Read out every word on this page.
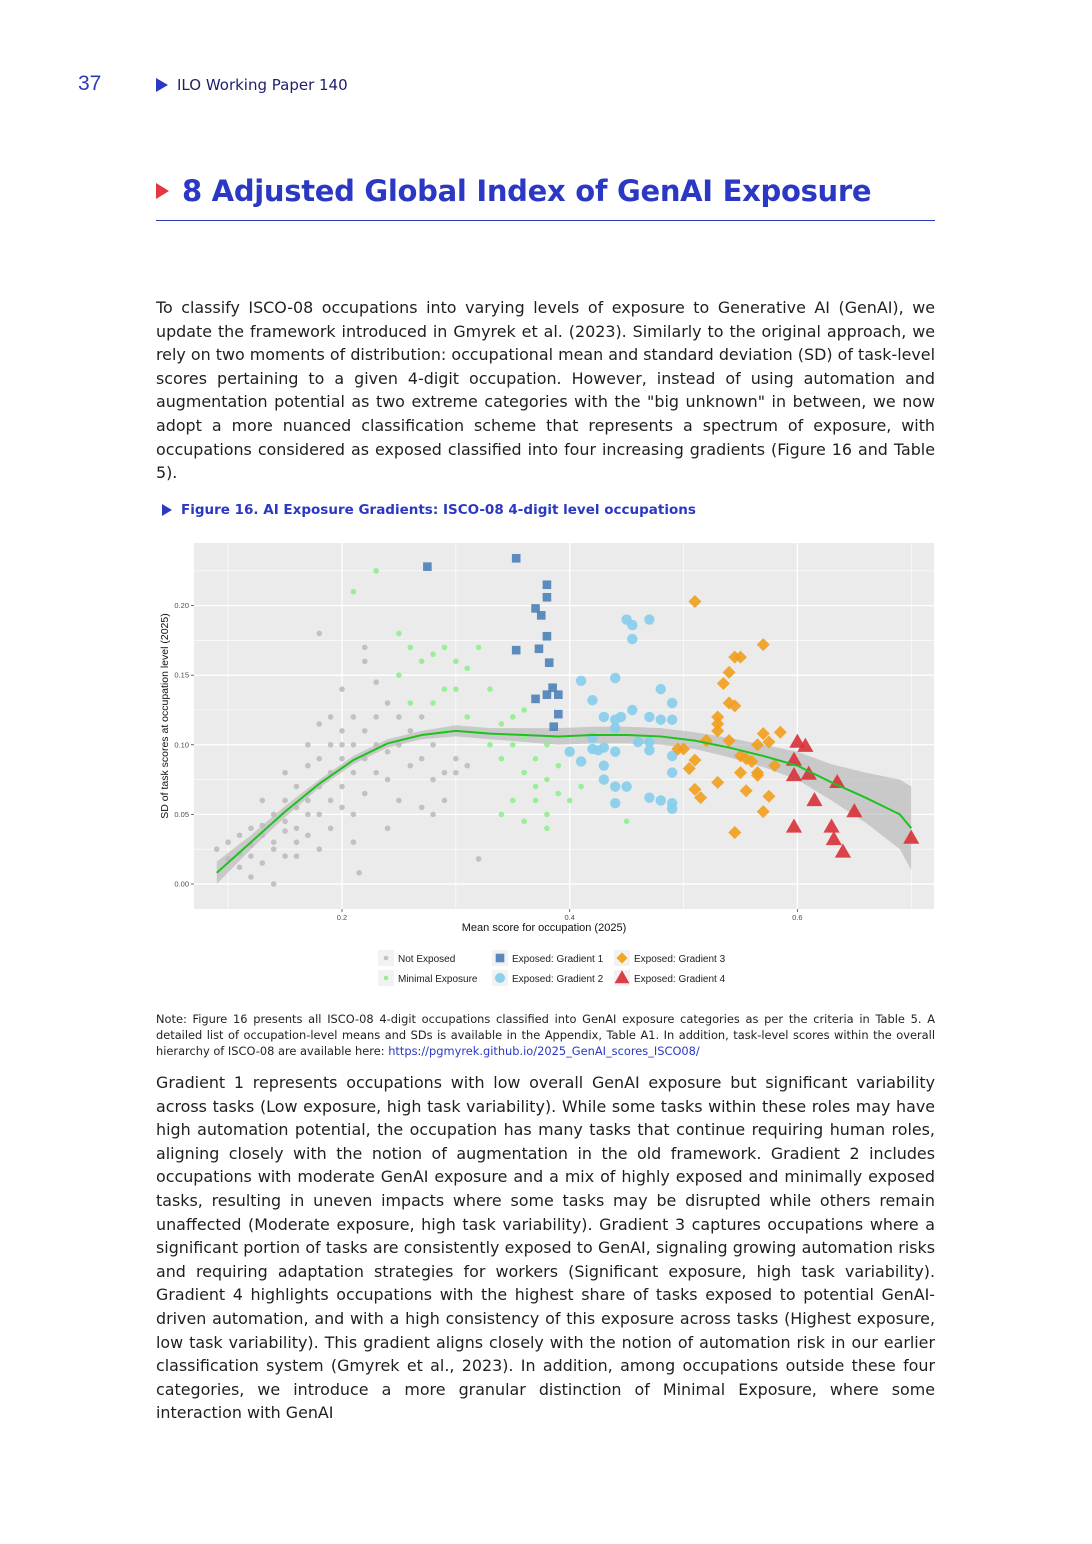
37	ILO Working Paper 140
8 Adjusted Global Index of GenAI Exposure

To classify ISCO-08 occupations into varying levels of exposure to Generative AI (GenAI), we update the framework introduced in Gmyrek et al. (2023). Similarly to the original approach, we rely on two moments of distribution: occupational mean and standard deviation (SD) of task-level scores pertaining to a given 4-digit occupation. However, instead of using automation and augmentation potential as two extreme categories with the "big unknown" in between, we now adopt a more nuanced classification scheme that represents a spectrum of exposure, with occupations considered as exposed classified into four increasing gradients (Figure 16 and Table 5).

Figure 16. AI Exposure Gradients: ISCO-08 4-digit level occupations
0.2	0.4	0.6
0.00
0.05
0.10
0.15
0.20
Mean score for occupation (2025)
SD of task scores at occupation level (2025)
Not Exposed
Minimal Exposure
Exposed: Gradient 1
Exposed: Gradient 2
Exposed: Gradient 3
Exposed: Gradient 4

Note: Figure 16 presents all ISCO-08 4-digit occupations classified into GenAI exposure categories as per the criteria in Table 5. A detailed list of occupation-level means and SDs is available in the Appendix, Table A1. In addition, task-level scores within the overall hierarchy of ISCO-08 are available here: https://pgmyrek.github.io/2025_GenAI_scores_ISCO08/

Gradient 1 represents occupations with low overall GenAI exposure but significant variability across tasks (Low exposure, high task variability). While some tasks within these roles may have high automation potential, the occupation has many tasks that continue requiring human roles, aligning closely with the notion of augmentation in the old framework. Gradient 2 includes occupations with moderate GenAI exposure and a mix of highly exposed and minimally exposed tasks, resulting in uneven impacts where some tasks may be disrupted while others remain unaffected (Moderate exposure, high task variability). Gradient 3 captures occupations where a significant portion of tasks are consistently exposed to GenAI, signaling growing automation risks and requiring adaptation strategies for workers (Significant exposure, high task variability). Gradient 4 highlights occupations with the highest share of tasks exposed to potential GenAI-driven automation, and with a high consistency of this exposure across tasks (Highest exposure, low task variability). This gradient aligns closely with the notion of automation risk in our earlier classification system (Gmyrek et al., 2023). In addition, among occupations outside these four categories, we introduce a more granular distinction of Minimal Exposure, where some interaction with GenAI
